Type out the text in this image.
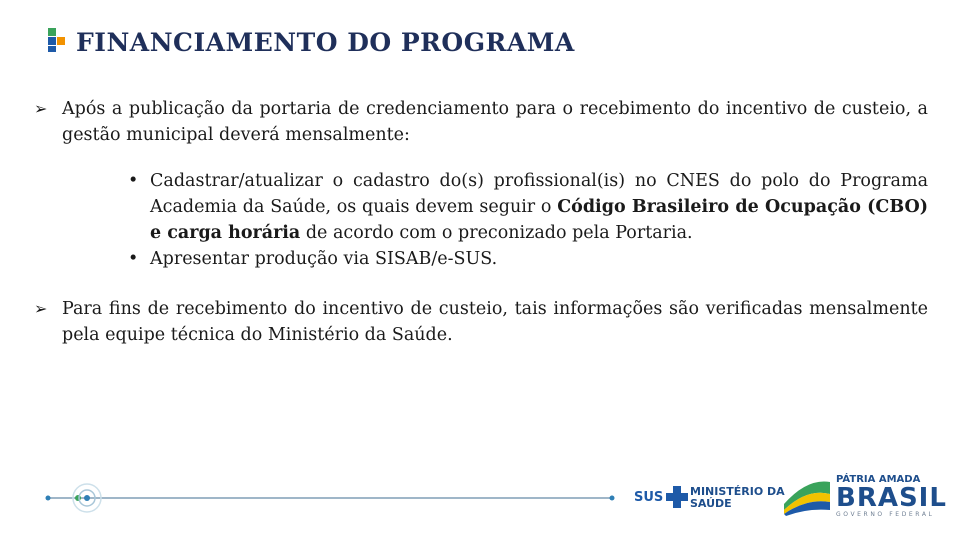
FINANCIAMENTO DO PROGRAMA
➢ Após a publicação da portaria de credenciamento para o recebimento do incentivo de custeio, a gestão municipal deverá mensalmente:
• Cadastrar/atualizar o cadastro do(s) profissional(is) no CNES do polo do Programa Academia da Saúde, os quais devem seguir o Código Brasileiro de Ocupação (CBO) e carga horária de acordo com o preconizado pela Portaria.
• Apresentar produção via SISAB/e-SUS.
➢ Para fins de recebimento do incentivo de custeio, tais informações são verificadas mensalmente pela equipe técnica do Ministério da Saúde.
SUS MINISTÉRIO DA
SAÚDE
PÁTRIA AMADA
BRASIL
GOVERNO FEDERAL
